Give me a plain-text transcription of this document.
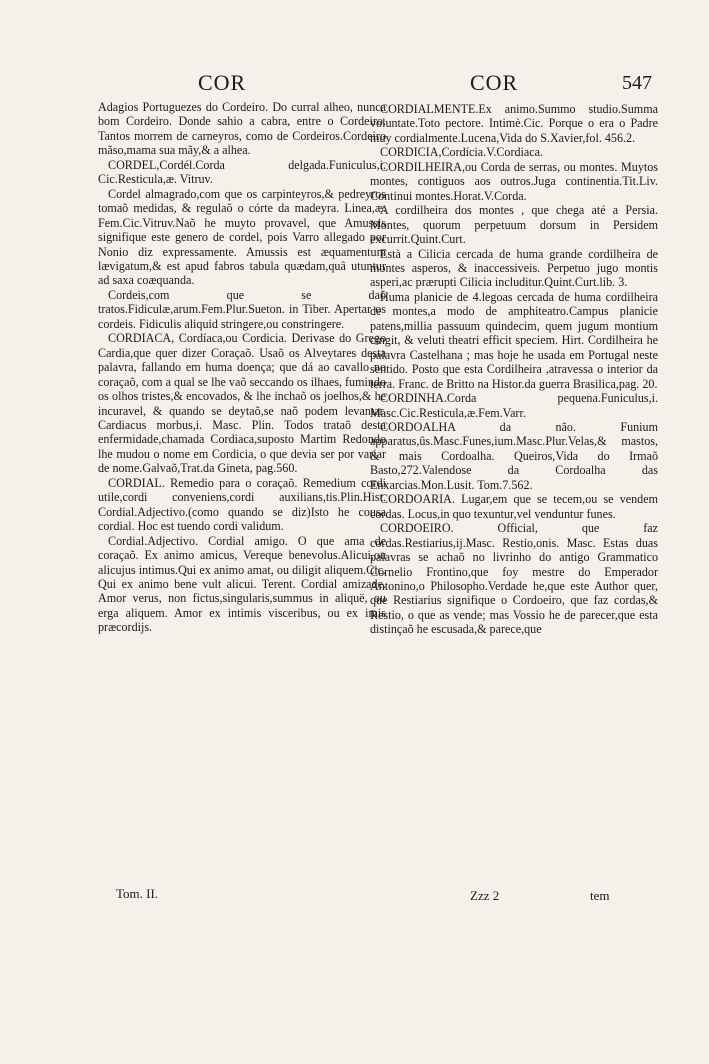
COR	COR	547

Adagios Portuguezes do Cordeiro. Do curral alheo, nunca bom Cordeiro. Donde sahio a cabra, entre o Cordeiro. Tantos morrem de carneyros, como de Cordeiros.Cordeiro mãso,mama sua mãy,& a alhea.

CORDEL,Cordél.Corda delgada.Funiculus,i. Cic.Resticula,æ. Vitruv.

Cordel almagrado,com que os carpinteyros,& pedreyros tomaõ medidas, & regulaõ o córte da madeyra. Linea,æ. Fem.Cic.Vitruv.Naõ he muyto provavel, que Amussis signifique este genero de cordel, pois Varro allegado por Nonio diz expressamente. Amussis est æquamentum lævigatum,& est apud fabros tabula quædam,quâ utuntur ad saxa coæquanda.

Cordeis,com que se daõ tratos.Fidiculæ,arum.Fem.Plur.Sueton. in Tiber. Apertar os cordeis. Fidiculis aliquid stringere,ou constringere.

CORDIACA, Cordíaca,ou Cordicia. Derivase do Grego Cardia,que quer dizer Coraçaõ. Usaõ os Alveytares desta palavra, fallando em huma doença; que dá ao cavallo no coraçaõ, com a qual se lhe vaõ seccando os ilhaes, fumindo os olhos tristes,& encovados, & lhe inchaõ os joelhos,& he incuravel, & quando se deytaõ,se naõ podem levantar. Cardiacus morbus,i. Masc. Plin. Todos trataõ desta enfermidade,chamada Cordiaca,suposto Martim Redondo lhe mudou o nome em Cordicia, o que devia ser por variar de nome.Galvaõ,Trat.da Gineta, pag.560.

CORDIAL. Remedio para o coraçaõ. Remedium cordi utile,cordi conveniens,cordi auxilians,tis.Plin.Hist. Cordial.Adjectivo.(como quando se diz)Isto he cousa cordial. Hoc est tuendo cordi validum.

Cordial.Adjectivo. Cordial amigo. O que ama de coraçaõ. Ex animo amicus, Vereque benevolus.Alicui,ou alicujus intimus.Qui ex animo amat, ou diligit aliquem.Cic. Qui ex animo bene vult alicui. Terent. Cordial amizade. Amor verus, non fictus,singularis,summus in aliquë, ou erga aliquem. Amor ex intimis visceribus, ou ex imis præcordijs.

CORDIALMENTE.Ex animo.Summo studio.Summa voluntate.Toto pectore. Intimè.Cic. Porque o era o Padre muy cordialmente.Lucena,Vida do S.Xavier,fol. 456.2.

CORDICIA,Cordícia.V.Cordiaca.

CORDILHEIRA,ou Corda de serras, ou montes. Muytos montes, contiguos aos outros.Juga continentia.Tit.Liv. Continui montes.Horat.V.Corda.

A cordilheira dos montes , que chega até a Persia. Montes, quorum perpetuum dorsum in Persidem excurrit.Quint.Curt.

Està a Cilicia cercada de huma grande cordilheira de montes asperos, & inaccessiveis. Perpetuo jugo montis asperi,ac prærupti Cilicia includitur.Quint.Curt.lib. 3.

Huma planicie de 4.legoas cercada de huma cordilheira de montes,a modo de amphiteatro.Campus planicie patens,millia passuum quindecim, quem jugum montium cingit, & veluti theatri efficit speciem. Hirt. Cordilheira he palavra Castelhana ; mas hoje he usada em Portugal neste sentido. Posto que esta Cordilheira ,atravessa o interior da terra. Franc. de Britto na Histor.da guerra Brasilica,pag. 20.

CORDINHA.Corda pequena.Funiculus,i. Masc.Cic.Resticula,æ.Fem.Varr.

CORDOALHA da não. Funium apparatus,ûs.Masc.Funes,ium.Masc.Plur.Velas,& mastos, & mais Cordoalha. Queiros,Vida do Irmaõ Basto,272.Valendose da Cordoalha das Enxarcias.Mon.Lusit. Tom.7.562.

CORDOARIA. Lugar,em que se tecem,ou se vendem cordas. Locus,in quo texuntur,vel venduntur funes.

CORDOEIRO. Official, que faz cordas.Restiarius,ij.Masc. Restio,onis. Masc. Estas duas palavras se achaõ no livrinho do antigo Grammatico Cornelio Frontino,que foy mestre do Emperador Antonino,o Philosopho.Verdade he,que este Author quer, que Restiarius signifique o Cordoeiro, que faz cordas,& Restio, o que as vende; mas Vossio he de parecer,que esta distinçaõ he escusada,& parece,que

Tom. II.	Zzz 2	tem
